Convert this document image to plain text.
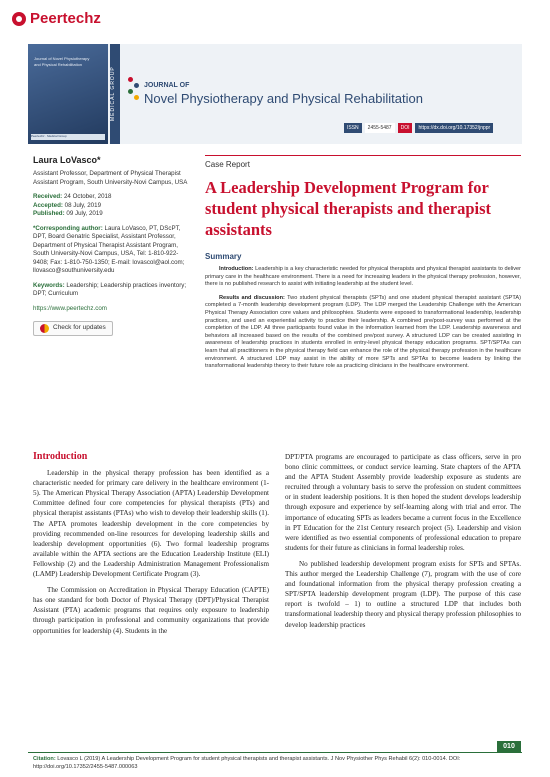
Peertechz
Journal of Novel Physiotherapy and Physical Rehabilitation
Peertechz · Medical Group
MEDICAL GROUP	JOURNAL OF
Novel Physiotherapy and Physical Rehabilitation
ISSN	2455-5487	DOI	https://dx.doi.org/10.17352/jnppr
Laura LoVasco*
Assistant Professor, Department of Physical Therapist Assistant Program, South University-Novi Campus, USA
Received: 24 October, 2018
Accepted: 08 July, 2019
Published: 09 July, 2019
*Corresponding author: Laura LoVasco, PT, DScPT, DPT, Board Genatric Specialist, Assistant Professor, Department of Physical Therapist Assistant Program, South University-Novi Campus, USA, Tel: 1-810-922-9408; Fax: 1-810-750-1350; E-mail: lovascol@aol.com; llovasco@southuniversity.edu
Keywords: Leadership; Leadership practices inventory; DPT; Curriculum
https://www.peertechz.com
Check for updates
Case Report
A Leadership Development Program for student physical therapists and therapist assistants
Summary
Introduction: Leadership is a key characteristic needed for physical therapists and physical therapist assistants to deliver primary care in the healthcare environment. There is a need for increasing leaders in the physical therapy profession, however, there is no published research to assist with initiating leadership at the student level.
Results and discussion: Two student physical therapists (SPTs) and one student physical therapist assistant (SPTA) completed a 7-month leadership development program (LDP). The LDP merged the Leadership Challenge with the American Physical Therapy Association core values and philosophies. Students were exposed to transformational leadership, leadership practices, and used an experiential activity to practice their leadership. A combined pre/post-survey was performed at the completion of the LDP. All three participants found value in the information learned from the LDP. Leadership awareness and behaviors all increased based on the results of the combined pre/post survey. A structured LDP can be created assisting in awareness of leadership practices in students enrolled in entry-level physical therapy education programs. SPT/SPTAs can learn that all practitioners in the physical therapy field can enhance the role of the physical therapy profession in the healthcare environment. A structured LDP may assist in the ability of more SPTs and SPTAs to become leaders by linking the transformational leadership theory to their future role as practicing clinicians in the healthcare environment.
Introduction

Leadership in the physical therapy profession has been identified as a characteristic needed for primary care delivery in the healthcare environment (1-5). The American Physical Therapy Association (APTA) Leadership Development Committee defined four core competencies for physical therapists (PTs) and physical therapist assistants (PTAs) who wish to develop their leadership skills (1). The APTA promotes leadership development in the core competencies by providing recommended on-line resources for developing leadership skills and leadership development opportunities (6). Two formal leadership programs available within the APTA sections are the Education Leadership Institute (ELI) Fellowship (2) and the Leadership Administration Management Professionalism (LAMP) Leadership Development Certificate Program (3).

The Commission on Accreditation in Physical Therapy Education (CAPTE) has one standard for both Doctor of Physical Therapy (DPT)/Physical Therapist Assistant (PTA) academic programs that requires only exposure to leadership through participation in professional and community organizations that provide opportunities for leadership (4). Students in the

DPT/PTA programs are encouraged to participate as class officers, serve in pro bono clinic committees, or conduct service learning. State chapters of the APTA and the APTA Student Assembly provide leadership exposure as students are recruited through a voluntary basis to serve the profession on student committees or in student leadership positions. It is then hoped the student develops leadership through exposure and experience by self-learning along with trial and error. The importance of educating SPTs as leaders became a current focus in the Excellence in PT Education for the 21st Century research project (5). Leadership and vision were identified as two essential components of professional education to prepare students for their future as clinicians in formal leadership roles.

No published leadership development program exists for SPTs and SPTAs. This author merged the Leadership Challenge (7), program with the use of core and foundational information from the physical therapy profession creating a SPT/SPTA leadership development program (LDP). The purpose of this case report is twofold – 1) to outline a structured LDP that includes both transformational leadership theory and physical therapy profession philosophies to develop leadership practices

010
Citation: Lovasco L (2019) A Leadership Development Program for student physical therapists and therapist assistants. J Nov Physiother Phys Rehabil 6(2): 010-0014. DOI: http://doi.org/10.17352/2455-5487.000063
